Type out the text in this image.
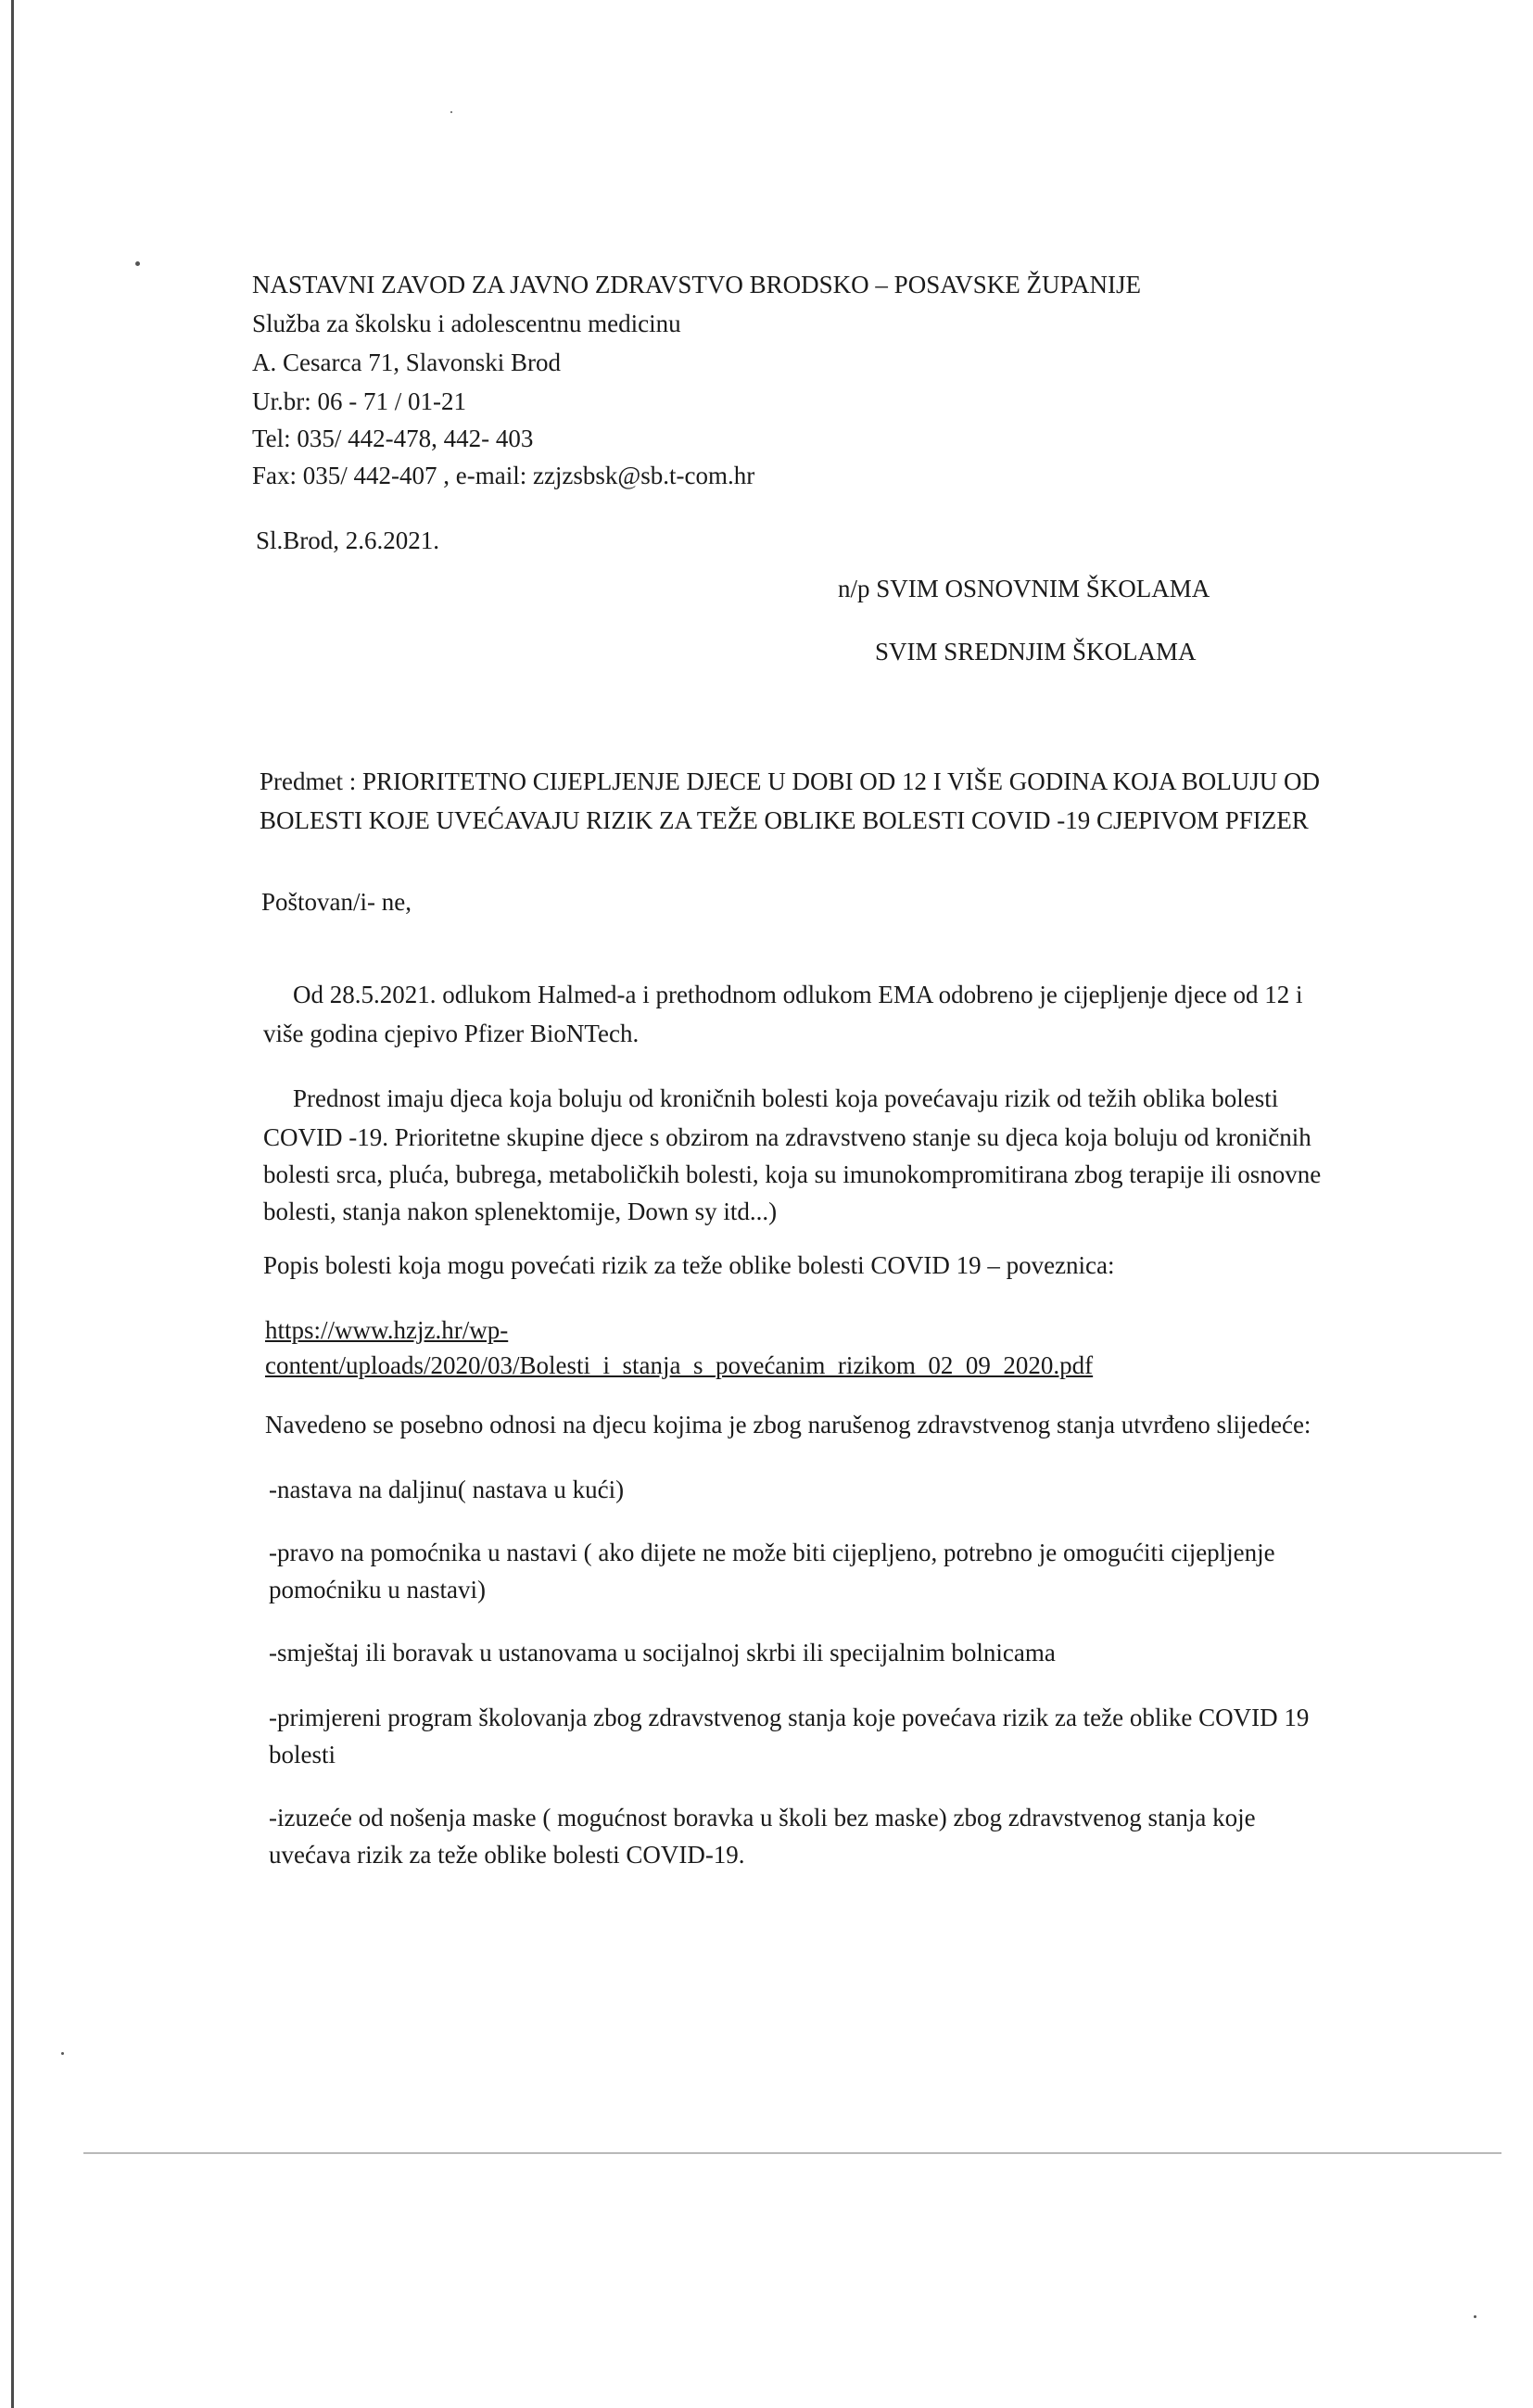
NASTAVNI ZAVOD ZA JAVNO ZDRAVSTVO BRODSKO – POSAVSKE ŽUPANIJE
Služba za školsku i adolescentnu medicinu
A. Cesarca 71, Slavonski Brod
Ur.br: 06 - 71 / 01-21
Tel: 035/ 442-478, 442- 403
Fax: 035/ 442-407 , e-mail: zzjzsbsk@sb.t-com.hr
Sl.Brod, 2.6.2021.
n/p SVIM OSNOVNIM ŠKOLAMA
SVIM SREDNJIM ŠKOLAMA
Predmet : PRIORITETNO CIJEPLJENJE DJECE U DOBI OD 12 I VIŠE GODINA KOJA BOLUJU OD
BOLESTI KOJE UVEĆAVAJU RIZIK ZA TEŽE OBLIKE BOLESTI COVID -19 CJEPIVOM PFIZER
Poštovan/i- ne,
Od 28.5.2021. odlukom Halmed-a i prethodnom odlukom EMA odobreno je cijepljenje djece od 12 i
više godina cjepivo Pfizer BioNTech.
Prednost imaju djeca koja boluju od kroničnih bolesti koja povećavaju rizik od težih oblika bolesti
COVID -19. Prioritetne skupine djece s obzirom na zdravstveno stanje su djeca koja boluju od kroničnih
bolesti srca, pluća, bubrega, metaboličkih bolesti, koja su imunokompromitirana zbog terapije ili osnovne
bolesti, stanja nakon splenektomije, Down sy itd...)
Popis bolesti koja mogu povećati rizik za teže oblike bolesti COVID 19 – poveznica:
https://www.hzjz.hr/wp-
content/uploads/2020/03/Bolesti_i_stanja_s_povećanim_rizikom_02_09_2020.pdf
Navedeno se posebno odnosi na djecu kojima je zbog narušenog zdravstvenog stanja utvrđeno slijedeće:
-nastava na daljinu( nastava u kući)
-pravo na pomoćnika u nastavi ( ako dijete ne može biti cijepljeno, potrebno je omogućiti cijepljenje
pomoćniku u nastavi)
-smještaj ili boravak u ustanovama u socijalnoj skrbi ili specijalnim bolnicama
-primjereni program školovanja zbog zdravstvenog stanja koje povećava rizik za teže oblike COVID 19
bolesti
-izuzeće od nošenja maske ( mogućnost boravka u školi bez maske) zbog zdravstvenog stanja koje
uvećava rizik za teže oblike bolesti COVID-19.
